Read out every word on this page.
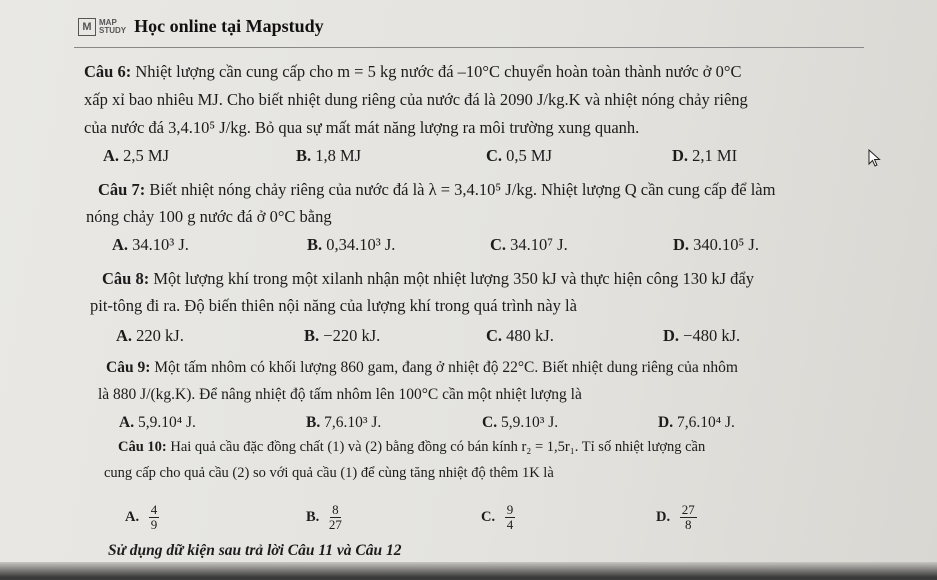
M MAP
STUDY Học online tại Mapstudy
Câu 6: Nhiệt lượng cần cung cấp cho m = 5 kg nước đá –10°C chuyển hoàn toàn thành nước ở 0°C
xấp xỉ bao nhiêu MJ. Cho biết nhiệt dung riêng của nước đá là 2090 J/kg.K và nhiệt nóng chảy riêng
của nước đá 3,4.10⁵ J/kg. Bỏ qua sự mất mát năng lượng ra môi trường xung quanh.
A. 2,5 MJ	B. 1,8 MJ	C. 0,5 MJ	D. 2,1 MI
Câu 7: Biết nhiệt nóng chảy riêng của nước đá là λ = 3,4.10⁵ J/kg. Nhiệt lượng Q cần cung cấp để làm
nóng chảy 100 g nước đá ở 0°C bằng
A. 34.10³ J.	B. 0,34.10³ J.	C. 34.10⁷ J.	D. 340.10⁵ J.
Câu 8: Một lượng khí trong một xilanh nhận một nhiệt lượng 350 kJ và thực hiện công 130 kJ đẩy
pit-tông đi ra. Độ biến thiên nội năng của lượng khí trong quá trình này là
A. 220 kJ.	B. −220 kJ.	C. 480 kJ.	D. −480 kJ.
Câu 9: Một tấm nhôm có khối lượng 860 gam, đang ở nhiệt độ 22°C. Biết nhiệt dung riêng của nhôm
là 880 J/(kg.K). Để nâng nhiệt độ tấm nhôm lên 100°C cần một nhiệt lượng là
A. 5,9.10⁴ J.	B. 7,6.10³ J.	C. 5,9.10³ J.	D. 7,6.10⁴ J.
Câu 10: Hai quả cầu đặc đồng chất (1) và (2) bằng đồng có bán kính r₂ = 1,5r₁. Tỉ số nhiệt lượng cần
cung cấp cho quả cầu (2) so với quả cầu (1) để cùng tăng nhiệt độ thêm 1K là
A. $\frac{4}{9}$	B. $\frac{8}{27}$	C. $\frac{9}{4}$	D. $\frac{27}{8}$
Sử dụng dữ kiện sau trả lời Câu 11 và Câu 12
